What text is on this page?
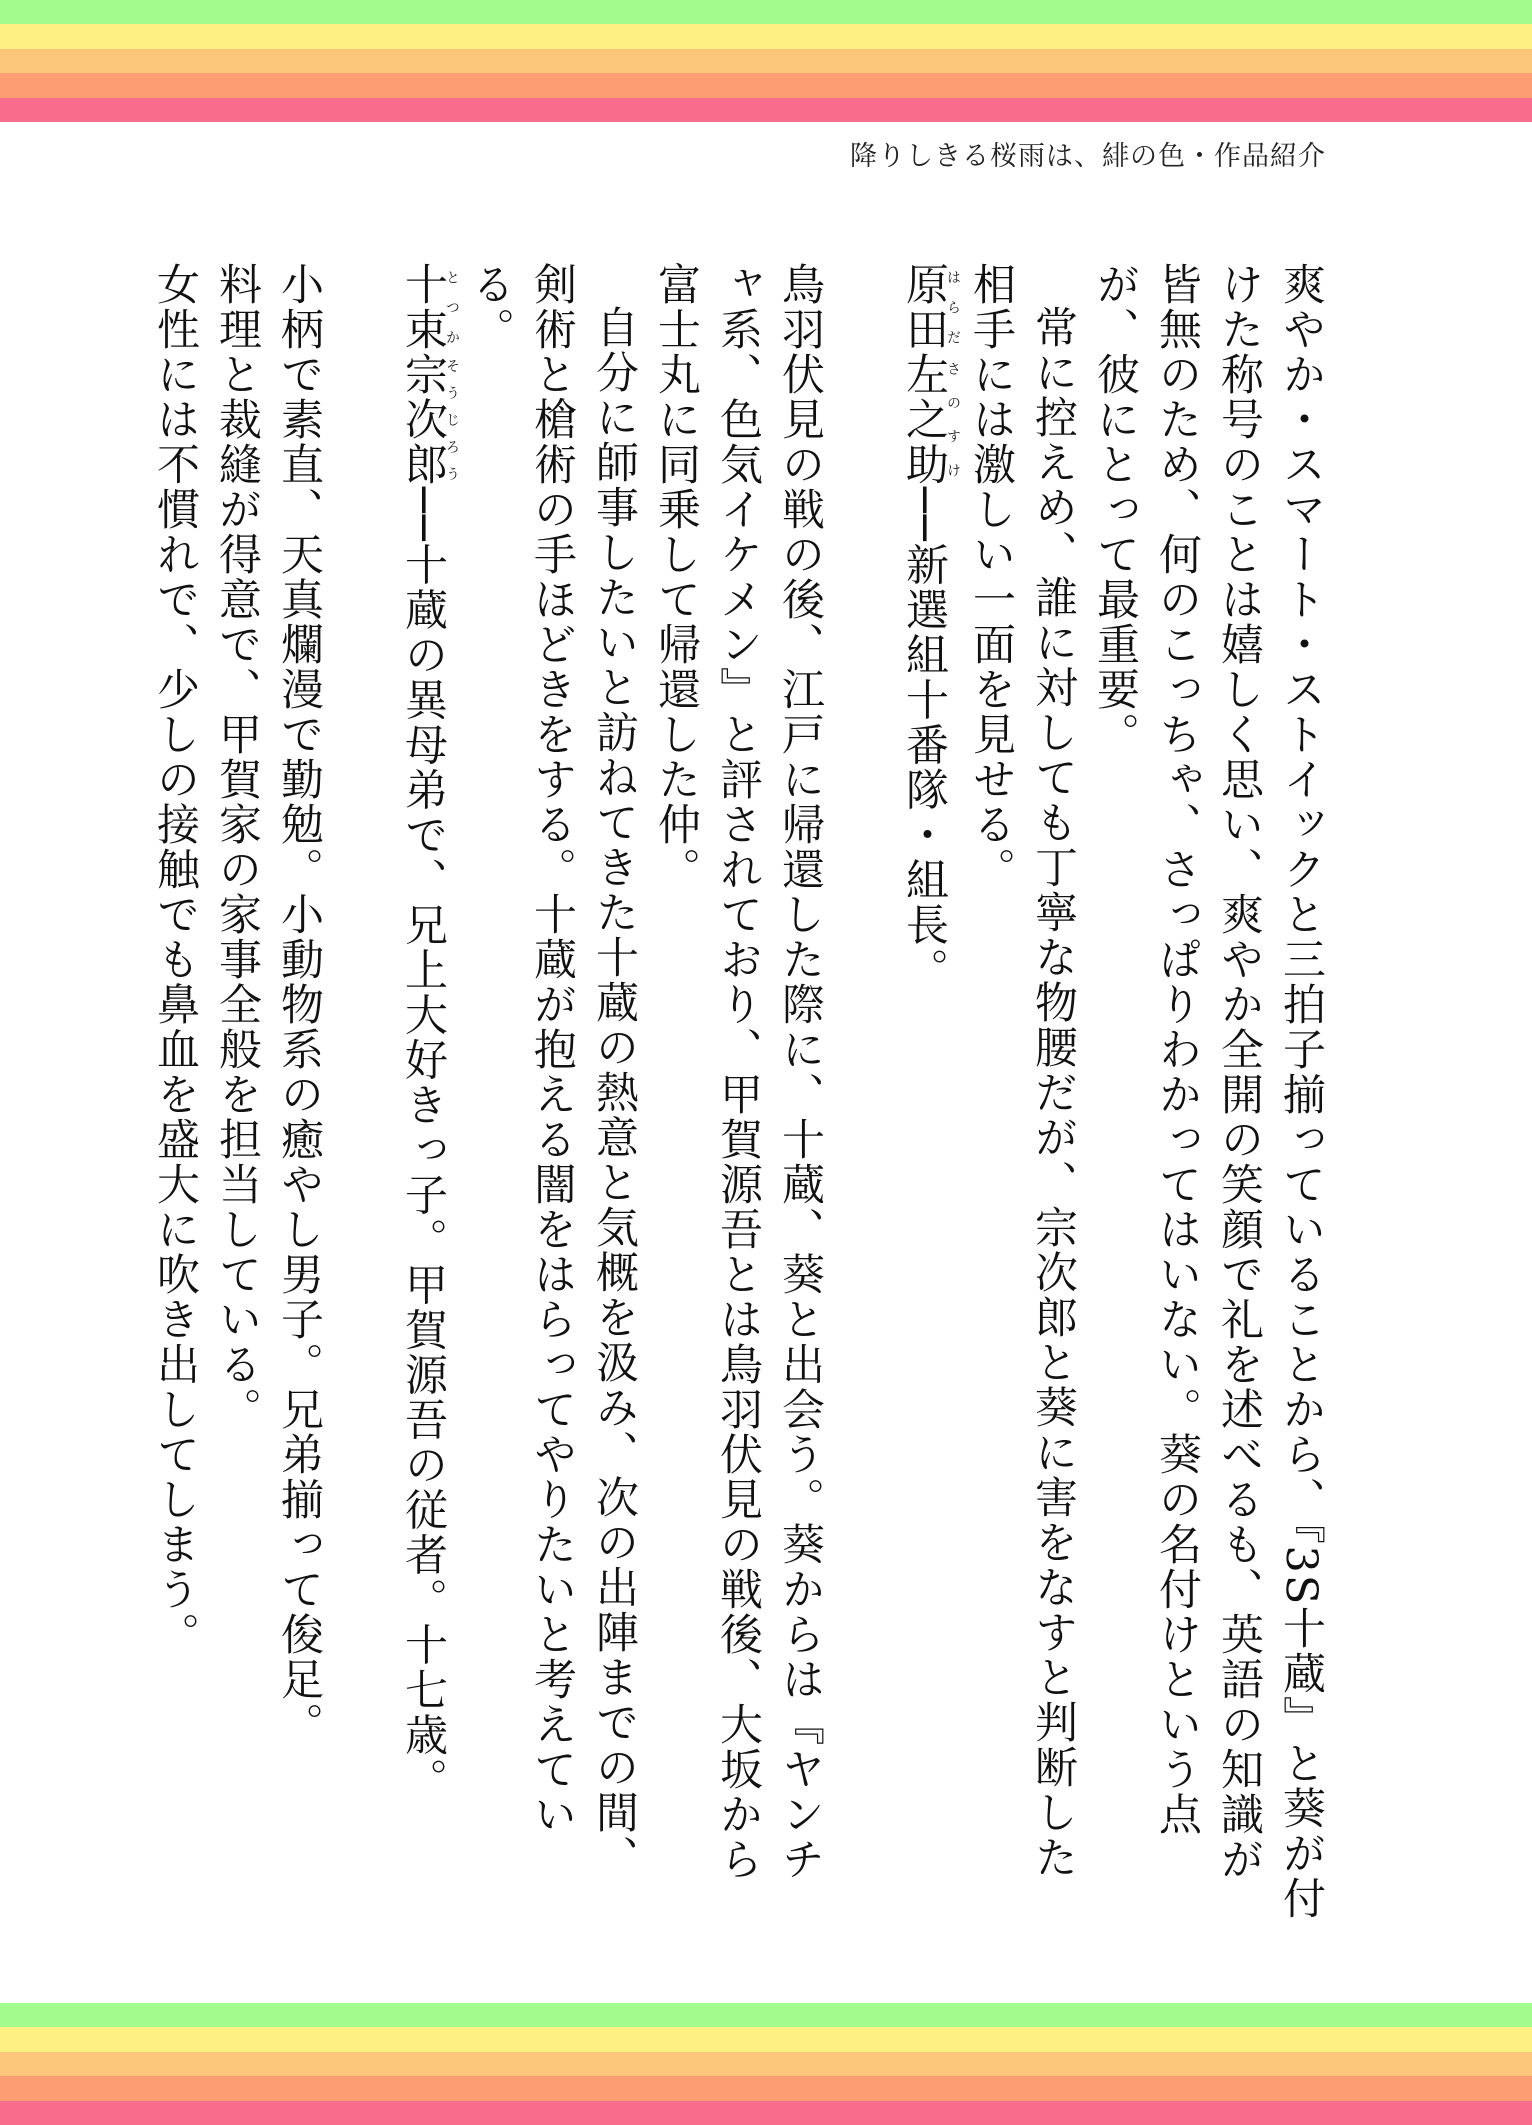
降りしきる桜雨は、緋の色・作品紹介

爽やか・スマート・ストイックと三拍子揃っていることから、『3S十蔵』と葵が付けた称号のことは嬉しく思い、爽やか全開の笑顔で礼を述べるも、英語の知識が皆無のため、何のこっちゃ、さっぱりわかってはいない。葵の名付けという点が、彼にとって最重要。

常に控えめ、誰に対しても丁寧な物腰だが、宗次郎と葵に害をなすと判断した相手には激しい一面を見せる。

原田はらだ左之助さのすけ──新選組十番隊・組長。

鳥羽伏見の戦の後、江戸に帰還した際に、十蔵、葵と出会う。葵からは『ヤンチャ系、色気イケメン』と評されており、甲賀源吾とは鳥羽伏見の戦後、大坂から富士丸に同乗して帰還した仲。

自分に師事したいと訪ねてきた十蔵の熱意と気概を汲み、次の出陣までの間、剣術と槍術の手ほどきをする。十蔵が抱える闇をはらってやりたいと考えている。

十束とつか宗次郎そうじろう──十蔵の異母弟で、兄上大好きっ子。甲賀源吾の従者。十七歳。

小柄で素直、天真爛漫で勤勉。小動物系の癒やし男子。兄弟揃って俊足。

料理と裁縫が得意で、甲賀家の家事全般を担当している。

女性には不慣れで、少しの接触でも鼻血を盛大に吹き出してしまう。
